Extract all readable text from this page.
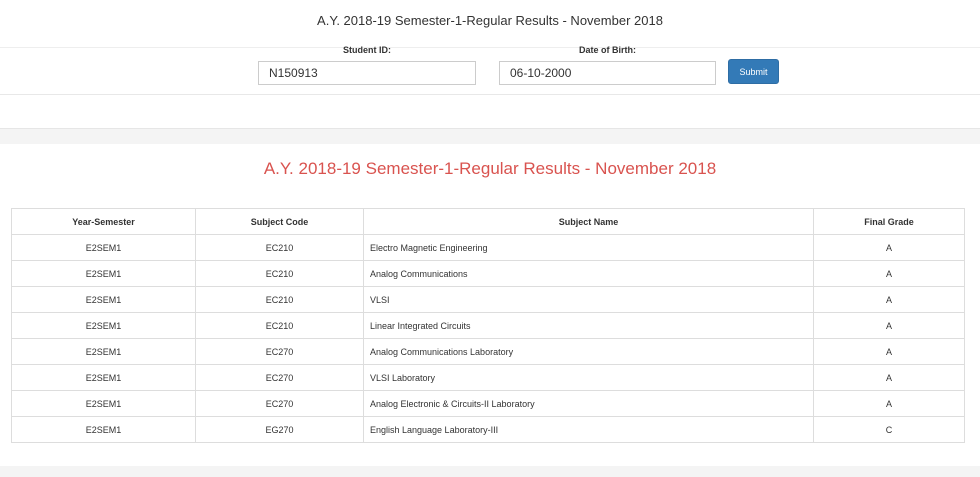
A.Y. 2018-19 Semester-1-Regular Results - November 2018
Student ID:
N150913	Date of Birth:
06-10-2000
Submit
A.Y. 2018-19 Semester-1-Regular Results - November 2018
Year-Semester	Subject Code	Subject Name	Final Grade
E2SEM1	EC210	Electro Magnetic Engineering	A
E2SEM1	EC210	Analog Communications	A
E2SEM1	EC210	VLSI	A
E2SEM1	EC210	Linear Integrated Circuits	A
E2SEM1	EC270	Analog Communications Laboratory	A
E2SEM1	EC270	VLSI Laboratory	A
E2SEM1	EC270	Analog Electronic & Circuits-II Laboratory	A
E2SEM1	EG270	English Language Laboratory-III	C
